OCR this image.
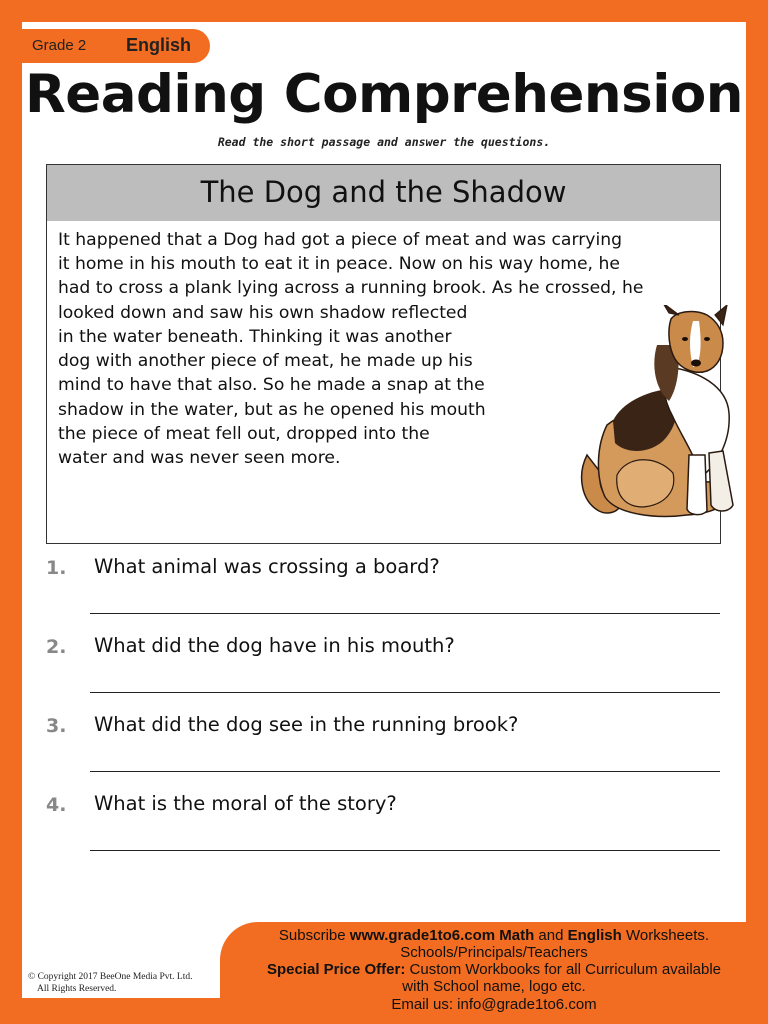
Grade 2 English
Reading Comprehension
Read the short passage and answer the questions.
The Dog and the Shadow
It happened that a Dog had got a piece of meat and was carrying
it home in his mouth to eat it in peace. Now on his way home, he
had to cross a plank lying across a running brook. As he crossed, he
looked down and saw his own shadow reflected
in the water beneath. Thinking it was another
dog with another piece of meat, he made up his
mind to have that also. So he made a snap at the
shadow in the water, but as he opened his mouth
the piece of meat fell out, dropped into the
water and was never seen more.
1. What animal was crossing a board?
2. What did the dog have in his mouth?
3. What did the dog see in the running brook?
4. What is the moral of the story?
Subscribe www.grade1to6.com Math and English Worksheets.
Schools/Principals/Teachers
Special Price Offer: Custom Workbooks for all Curriculum available
with School name, logo etc.
Email us: info@grade1to6.com
© Copyright 2017 BeeOne Media Pvt. Ltd.
All Rights Reserved.
